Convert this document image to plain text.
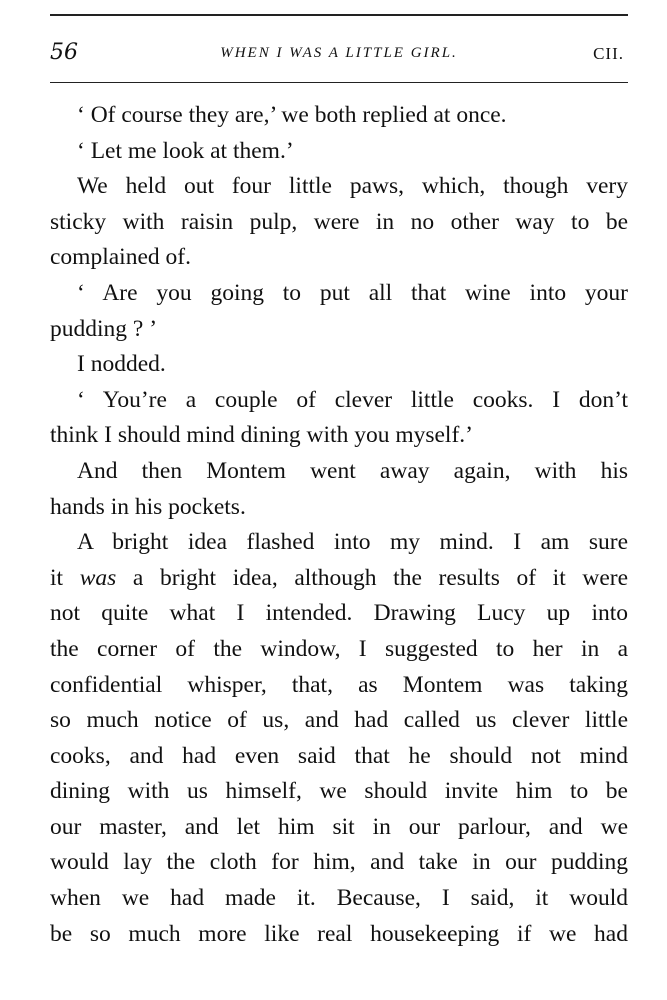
56	WHEN I WAS A LITTLE GIRL.	CII.
‘ Of course they are,’ we both replied at once.
‘ Let me look at them.’
We held out four little paws, which, though very
sticky with raisin pulp, were in no other way to be
complained of.
‘ Are you going to put all that wine into your
pudding ? ’
I nodded.
‘ You’re a couple of clever little cooks. I don’t
think I should mind dining with you myself.’
And then Montem went away again, with his
hands in his pockets.
A bright idea flashed into my mind. I am sure
it was a bright idea, although the results of it were
not quite what I intended. Drawing Lucy up into
the corner of the window, I suggested to her in a
confidential whisper, that, as Montem was taking
so much notice of us, and had called us clever little
cooks, and had even said that he should not mind
dining with us himself, we should invite him to be
our master, and let him sit in our parlour, and we
would lay the cloth for him, and take in our pudding
when we had made it. Because, I said, it would
be so much more like real housekeeping if we had
